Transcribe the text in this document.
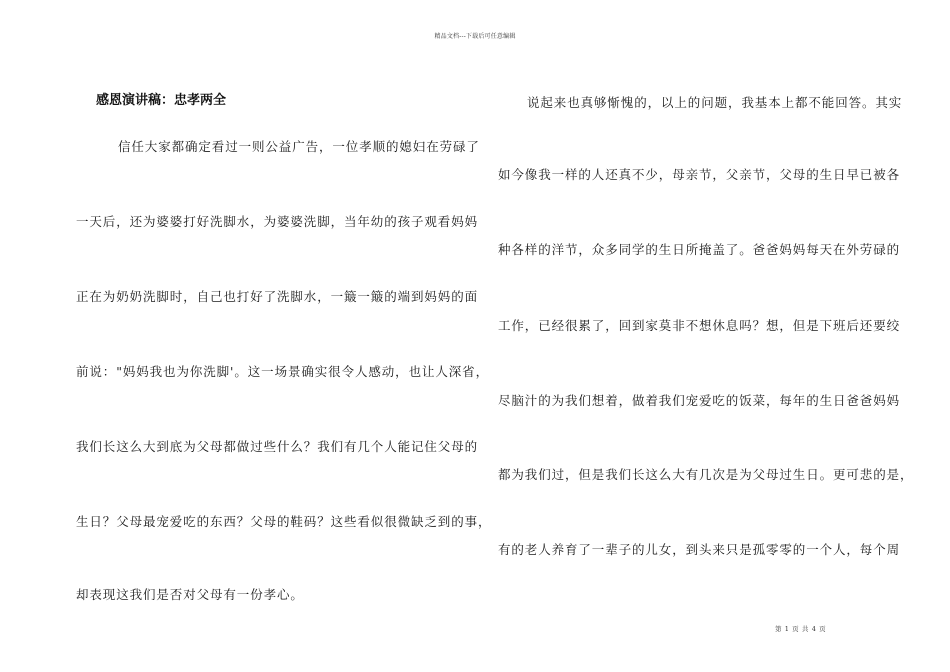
精品文档---下载后可任意编辑
感恩演讲稿：忠孝两全
信任大家都确定看过一则公益广告，一位孝顺的媳妇在劳碌了
一天后，还为婆婆打好洗脚水，为婆婆洗脚，当年幼的孩子观看妈妈
正在为奶奶洗脚时，自己也打好了洗脚水，一簸一簸的端到妈妈的面
前说："妈妈我也为你洗脚'。这一场景确实很令人感动，也让人深省，
我们长这么大到底为父母都做过些什么？我们有几个人能记住父母的
生日？父母最宠爱吃的东西？父母的鞋码？这些看似很微缺乏到的事，
却表现这我们是否对父母有一份孝心。
说起来也真够惭愧的，以上的问题，我基本上都不能回答。其实
如今像我一样的人还真不少，母亲节，父亲节，父母的生日早已被各
种各样的洋节，众多同学的生日所掩盖了。爸爸妈妈每天在外劳碌的
工作，已经很累了，回到家莫非不想休息吗？想，但是下班后还要绞
尽脑汁的为我们想着，做着我们宠爱吃的饭菜，每年的生日爸爸妈妈
都为我们过，但是我们长这么大有几次是为父母过生日。更可悲的是，
有的老人养育了一辈子的儿女，到头来只是孤零零的一个人，每个周
第 1 页 共 4 页
